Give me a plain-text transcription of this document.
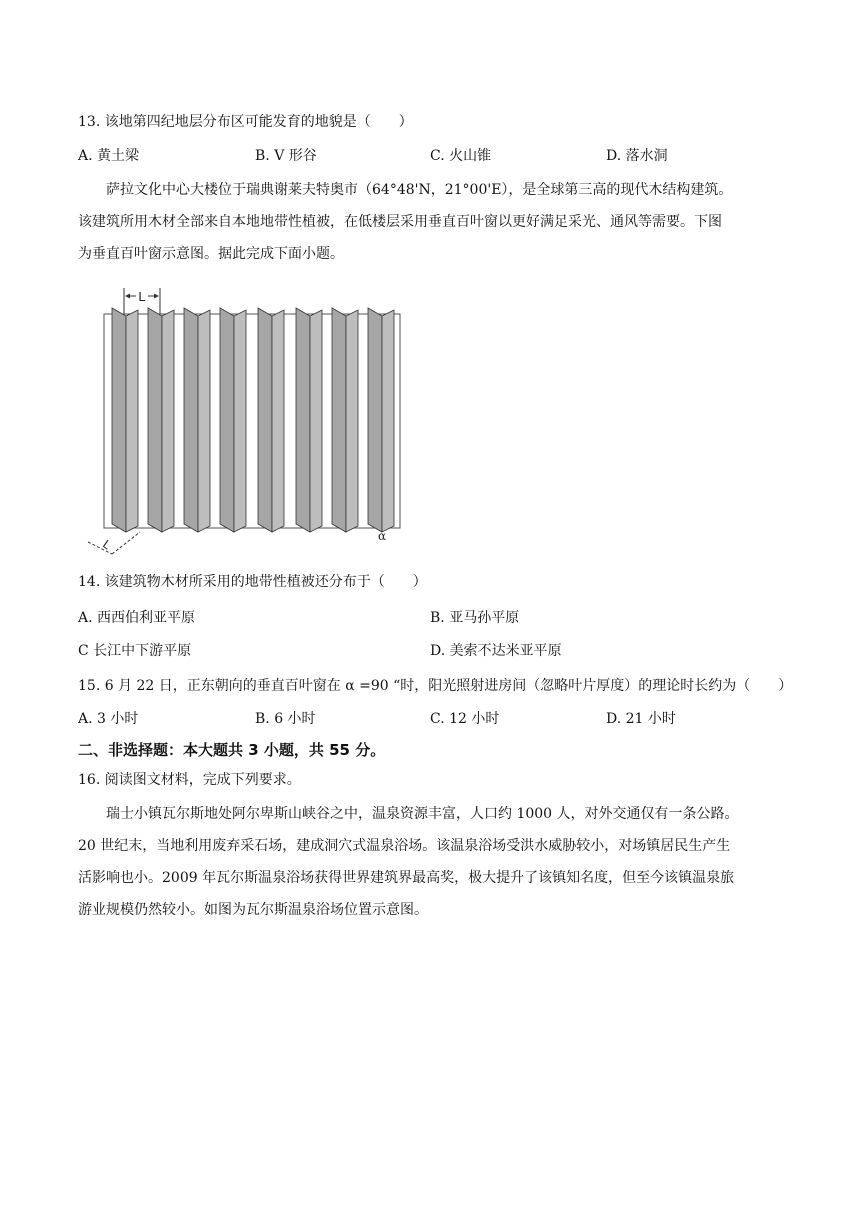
13. 该地第四纪地层分布区可能发育的地貌是（　　）
A. 黄土梁	B. V 形谷	C. 火山锥	D. 落水洞
萨拉文化中心大楼位于瑞典谢莱夫特奥市（64°48'N，21°00'E），是全球第三高的现代木结构建筑。
该建筑所用木材全部来自本地地带性植被，在低楼层采用垂直百叶窗以更好满足采光、通风等需要。下图
为垂直百叶窗示意图。据此完成下面小题。
L
L
α
14. 该建筑物木材所采用的地带性植被还分布于（　　）
A. 西西伯利亚平原	B. 亚马孙平原
C 长江中下游平原	D. 美索不达米亚平原
15. 6 月 22 日，正东朝向的垂直百叶窗在 α =90 “时，阳光照射进房间（忽略叶片厚度）的理论时长约为（　　）
A. 3 小时	B. 6 小时	C. 12 小时	D. 21 小时
二、非选择题：本大题共 3 小题，共 55 分。
16. 阅读图文材料，完成下列要求。
瑞士小镇瓦尔斯地处阿尔卑斯山峡谷之中，温泉资源丰富，人口约 1000 人，对外交通仅有一条公路。
20 世纪末，当地利用废弃采石场，建成洞穴式温泉浴场。该温泉浴场受洪水威胁较小，对场镇居民生产生
活影响也小。2009 年瓦尔斯温泉浴场获得世界建筑界最高奖，极大提升了该镇知名度，但至今该镇温泉旅
游业规模仍然较小。如图为瓦尔斯温泉浴场位置示意图。
